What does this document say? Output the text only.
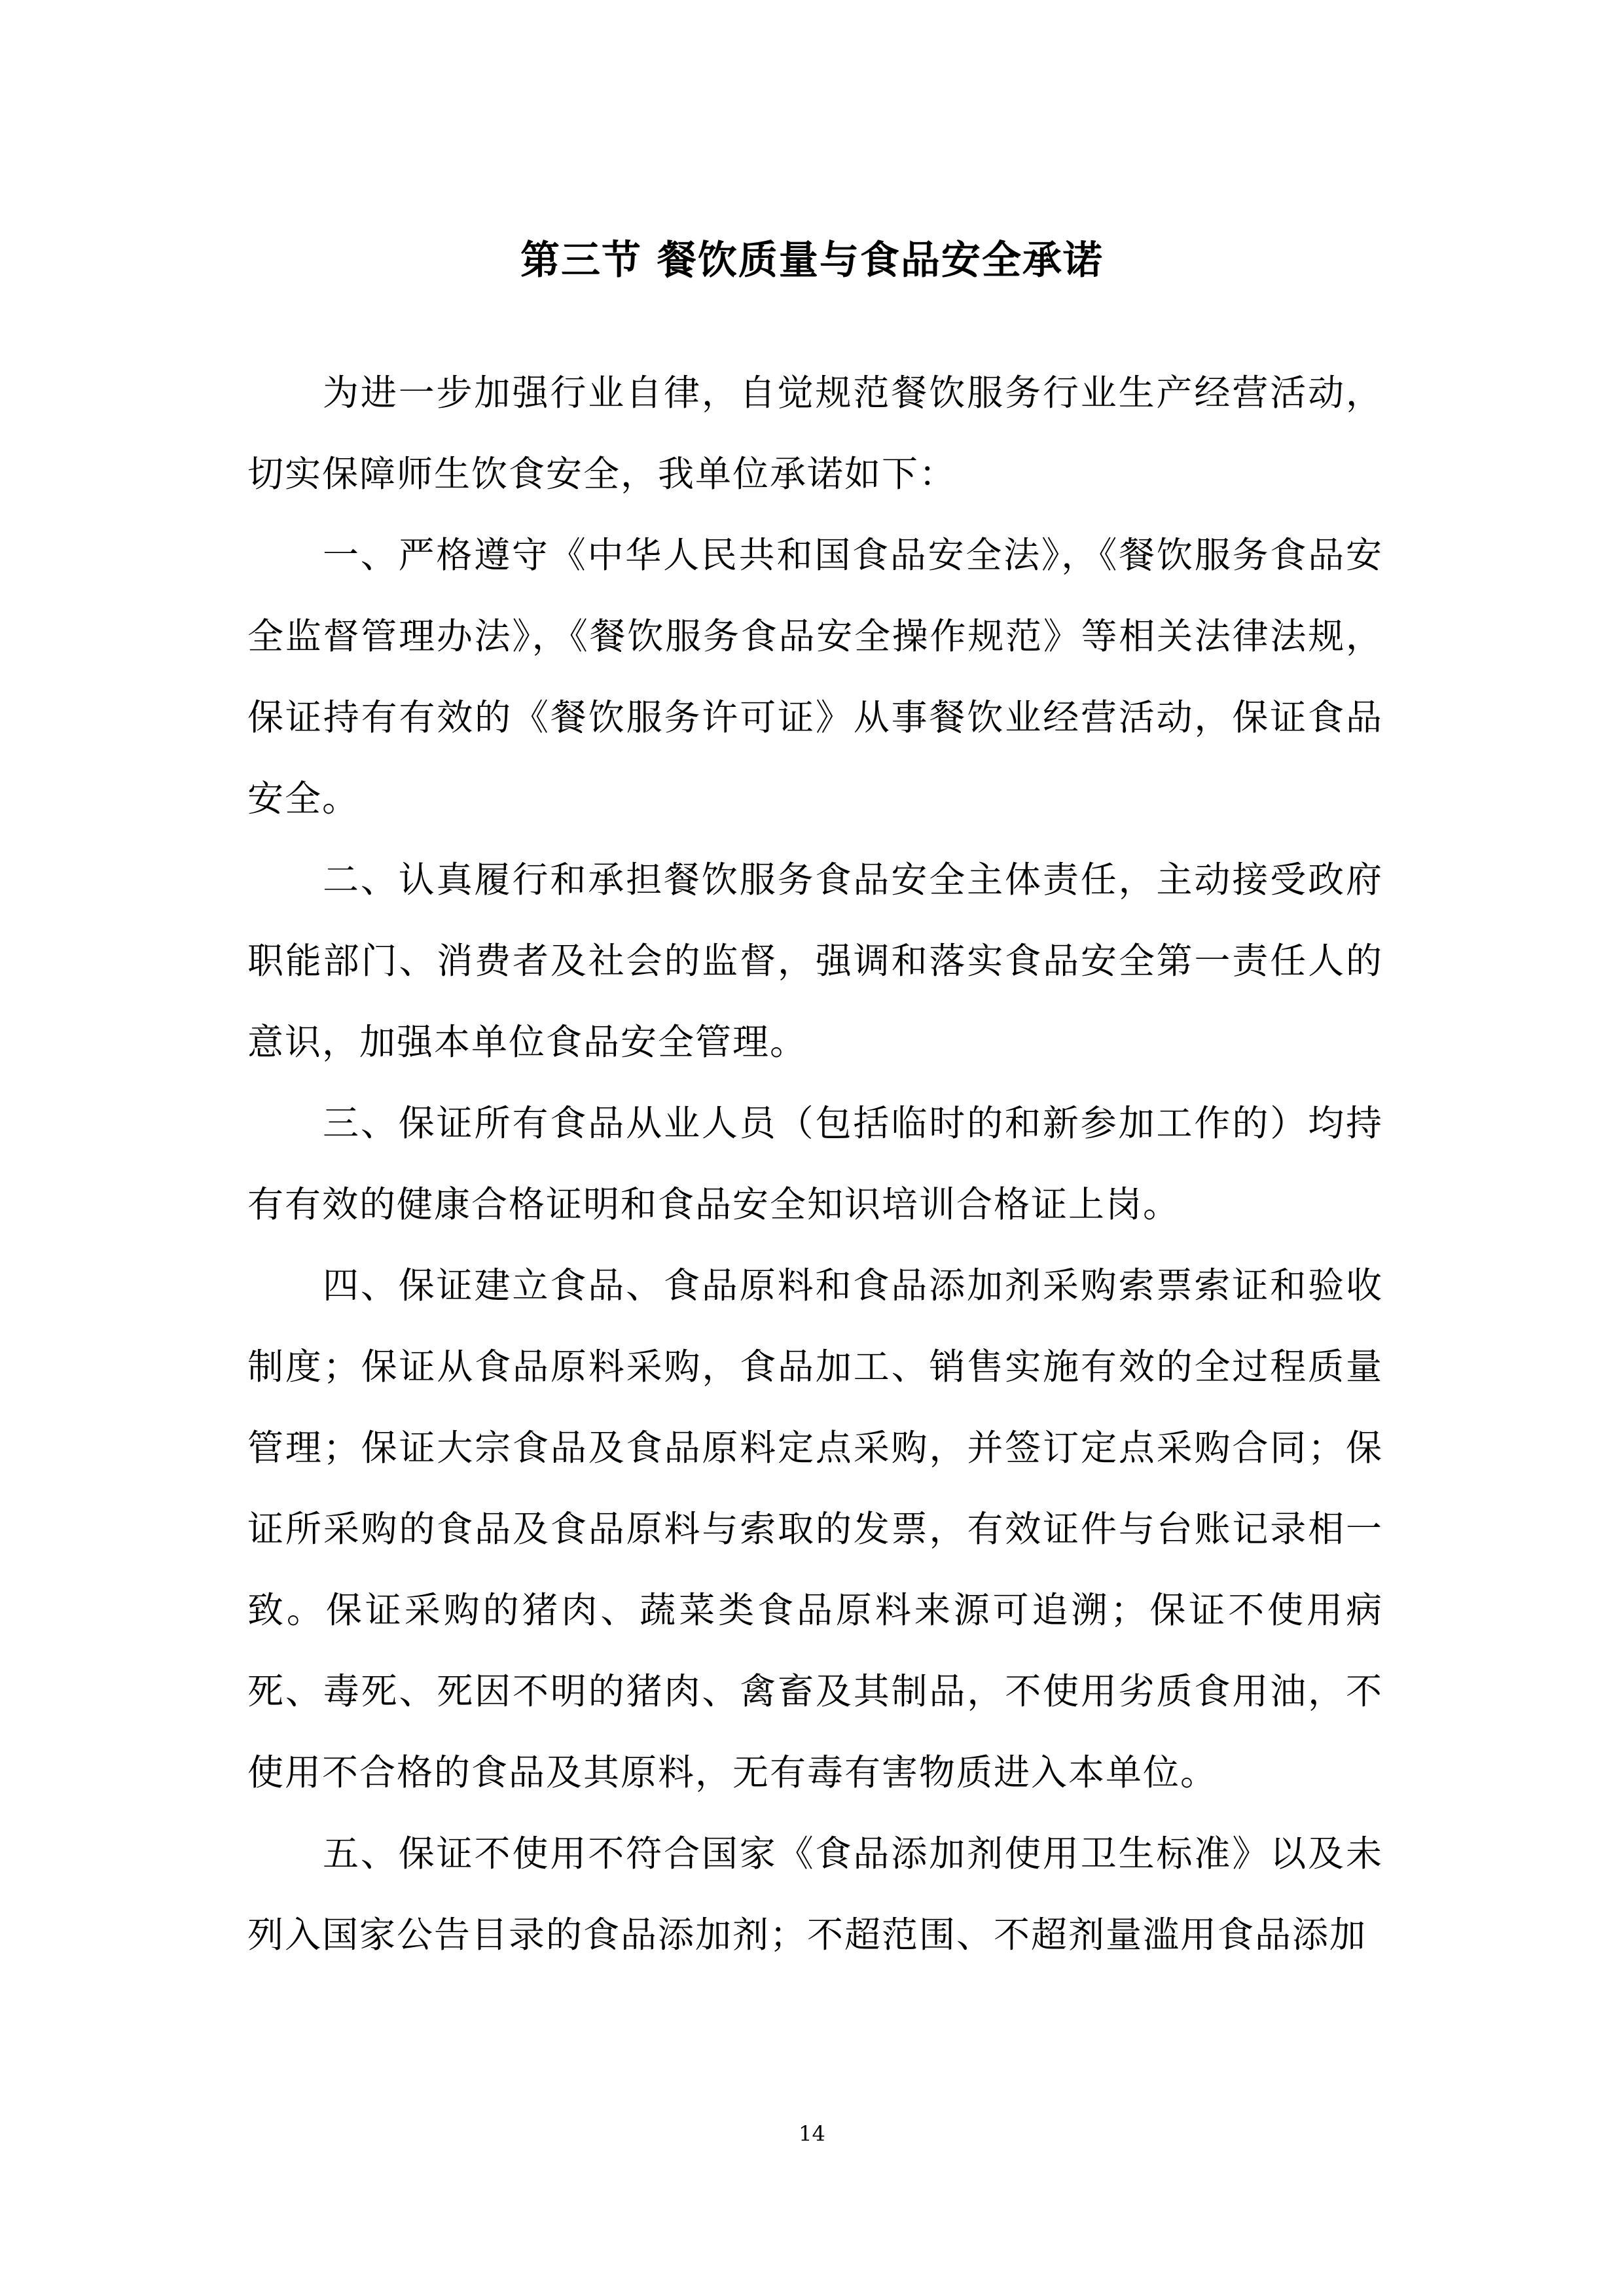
第三节 餐饮质量与食品安全承诺

为进一步加强行业自律，自觉规范餐饮服务行业生产经营活动，切实保障师生饮食安全，我单位承诺如下：

一、严格遵守《中华人民共和国食品安全法》，《餐饮服务食品安全监督管理办法》，《餐饮服务食品安全操作规范》等相关法律法规，保证持有有效的《餐饮服务许可证》从事餐饮业经营活动，保证食品安全。

二、认真履行和承担餐饮服务食品安全主体责任，主动接受政府职能部门、消费者及社会的监督，强调和落实食品安全第一责任人的意识，加强本单位食品安全管理。

三、保证所有食品从业人员（包括临时的和新参加工作的）均持有有效的健康合格证明和食品安全知识培训合格证上岗。

四、保证建立食品、食品原料和食品添加剂采购索票索证和验收制度；保证从食品原料采购，食品加工、销售实施有效的全过程质量管理；保证大宗食品及食品原料定点采购，并签订定点采购合同；保证所采购的食品及食品原料与索取的发票，有效证件与台账记录相一致。保证采购的猪肉、蔬菜类食品原料来源可追溯；保证不使用病死、毒死、死因不明的猪肉、禽畜及其制品，不使用劣质食用油，不使用不合格的食品及其原料，无有毒有害物质进入本单位。

五、保证不使用不符合国家《食品添加剂使用卫生标准》以及未列入国家公告目录的食品添加剂；不超范围、不超剂量滥用食品添加

14
